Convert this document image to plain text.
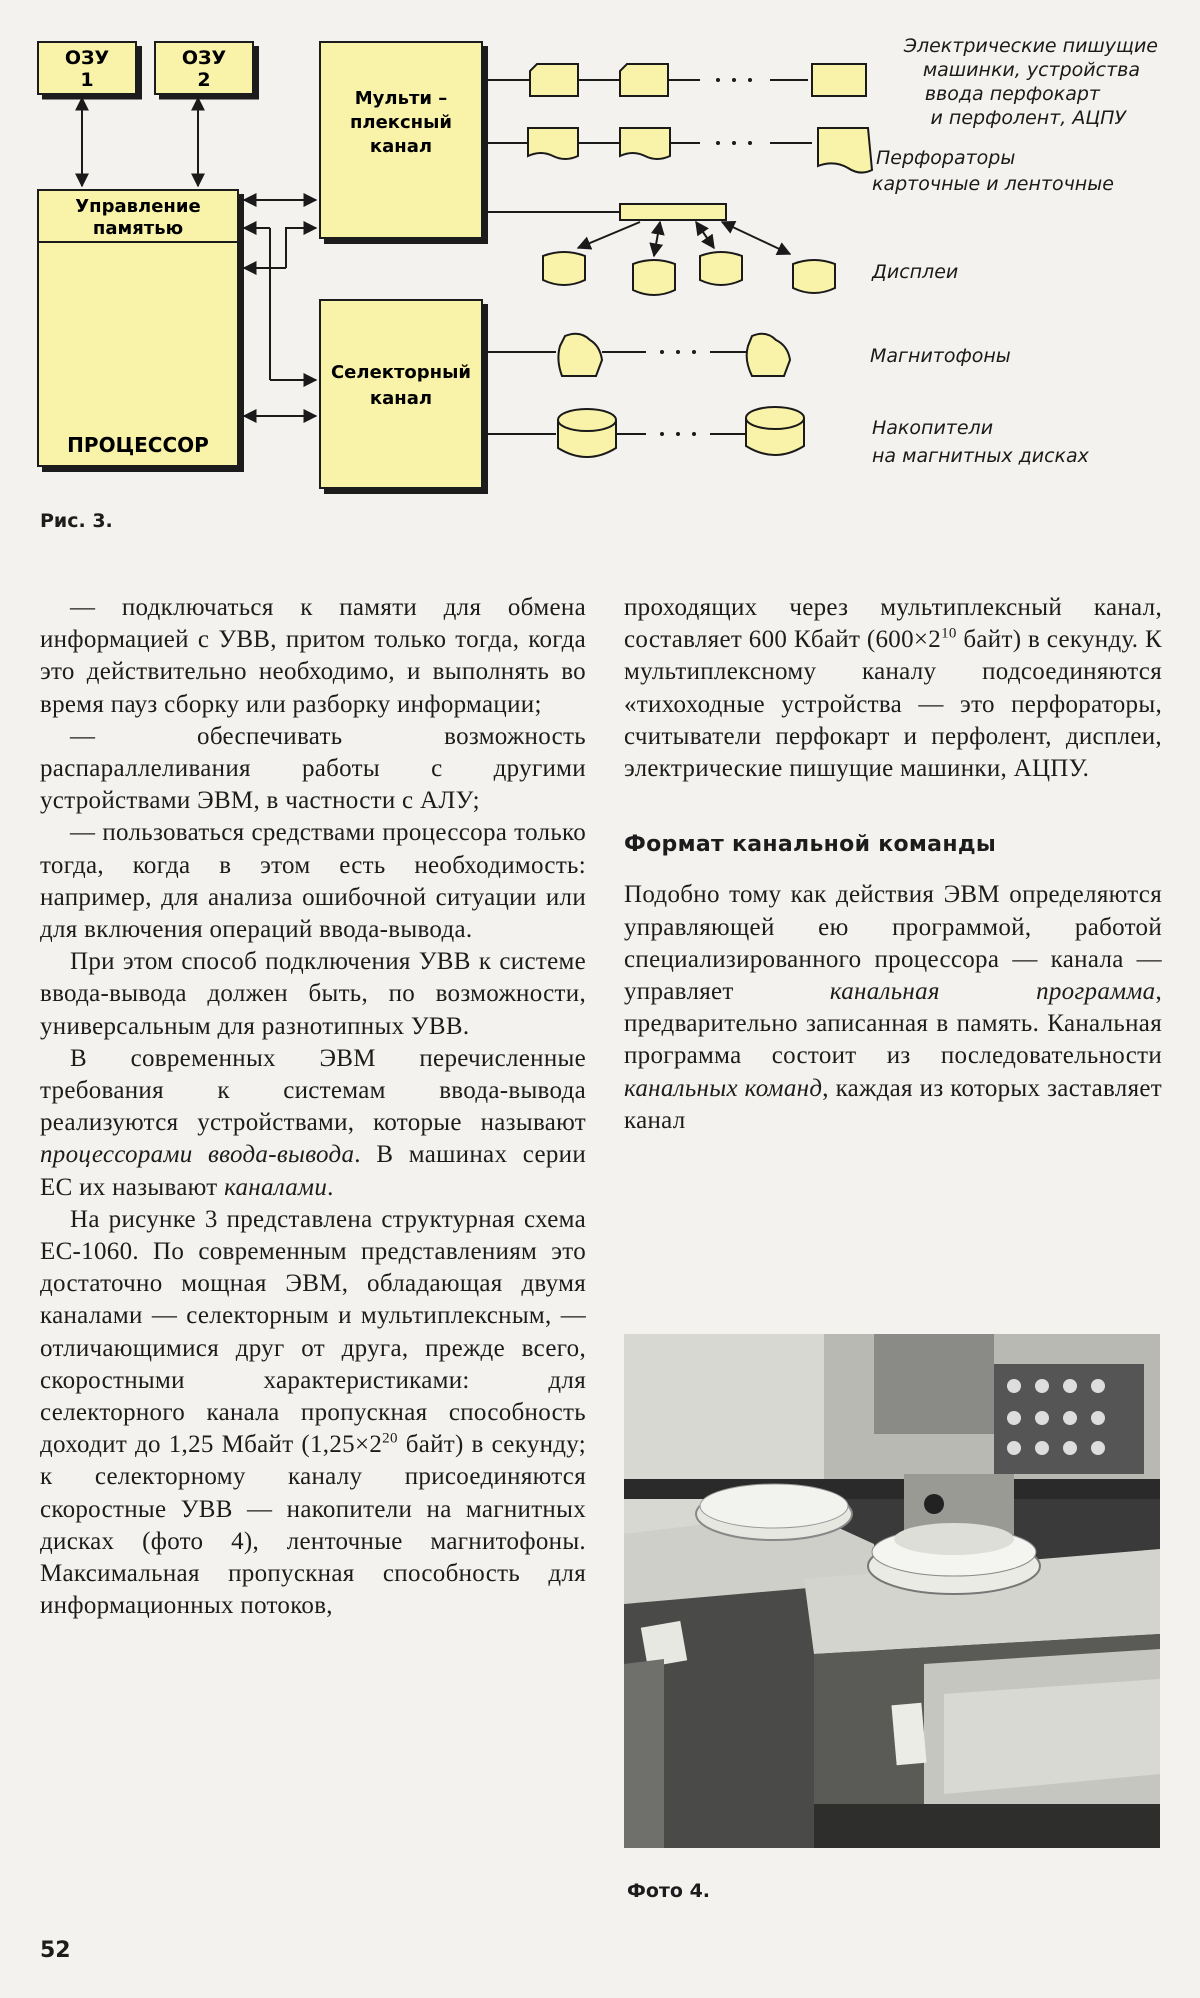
ОЗУ
1
ОЗУ
2
Управление
памятью
ПРОЦЕССОР
Мульти –
плексный
канал
Селекторный
канал
Электрические пишущие
машинки, устройства
ввода перфокарт
и перфолент, АЦПУ
Перфораторы
карточные и ленточные
Дисплеи
Магнитофоны
Накопители
на магнитных дисках
Рис. 3.

— подключаться к памяти для обмена информацией с УВВ, притом только тогда, когда это действительно необходимо, и выполнять во время пауз сборку или разборку информации;

— обеспечивать возможность распараллеливания работы с другими устройствами ЭВМ, в частности с АЛУ;

— пользоваться средствами процессора только тогда, когда в этом есть необходимость: например, для анализа ошибочной ситуации или для включения операций ввода-вывода.

При этом способ подключения УВВ к системе ввода-вывода должен быть, по возможности, универсальным для разнотипных УВВ.

В современных ЭВМ перечисленные требования к системам ввода-вывода реализуются устройствами, которые называют процессорами ввода-вывода. В машинах серии ЕС их называют каналами.

На рисунке 3 представлена структурная схема ЕС-1060. По современным представлениям это достаточно мощная ЭВМ, обладающая двумя каналами — селекторным и мультиплексным, — отличающимися друг от друга, прежде всего, скоростными характеристиками: для селекторного канала пропускная способность доходит до 1,25 Мбайт ($1,25\times 2^{20}$ байт) в секунду; к селекторному каналу присоединяются скоростные УВВ — накопители на магнитных дисках (фото 4), ленточные магнитофоны. Максимальная пропускная способность для информационных потоков,

проходящих через мультиплексный канал, составляет 600 Кбайт ($600\times 2^{10}$ байт) в секунду. К мультиплексному каналу подсоединяются «тихоходные устройства — это перфораторы, считыватели перфокарт и перфолент, дисплеи, электрические пишущие машинки, АЦПУ.

Формат канальной команды

Подобно тому как действия ЭВМ определяются управляющей ею программой, работой специализированного процессора — канала — управляет канальная программа, предварительно записанная в память. Канальная программа состоит из последовательности канальных команд, каждая из которых заставляет канал

Фото 4.
52
